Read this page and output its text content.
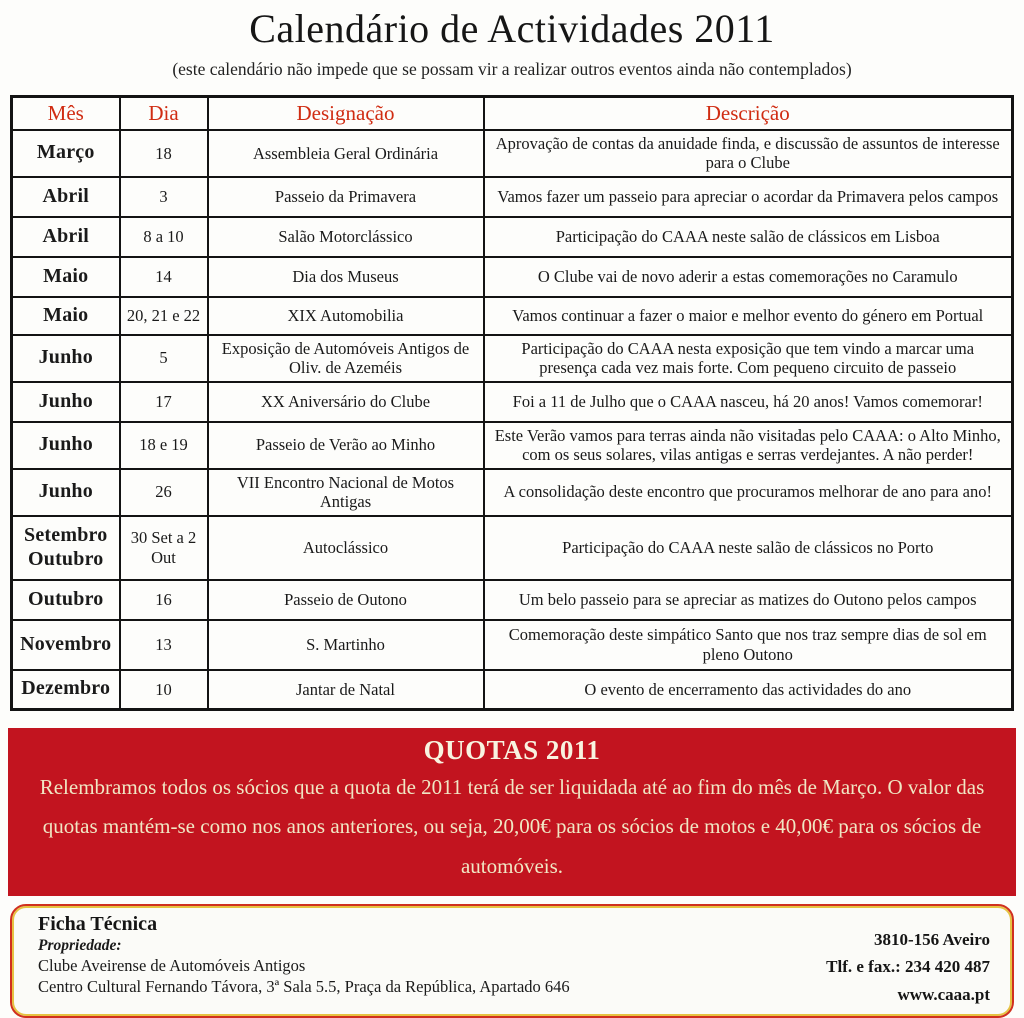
Calendário de Actividades 2011
(este calendário não impede que se possam vir a realizar outros eventos ainda não contemplados)
Mês	Dia	Designação	Descrição
Março	18	Assembleia Geral Ordinária	Aprovação de contas da anuidade finda, e discussão de assuntos de interesse para o Clube
Abril	3	Passeio da Primavera	Vamos fazer um passeio para apreciar o acordar da Primavera pelos campos
Abril	8 a 10	Salão Motorclássico	Participação do CAAA neste salão de clássicos em Lisboa
Maio	14	Dia dos Museus	O Clube vai de novo aderir a estas comemorações no Caramulo
Maio	20, 21 e 22	XIX Automobilia	Vamos continuar a fazer o maior e melhor evento do género em Portual
Junho	5	Exposição de Automóveis Antigos de Oliv. de Azeméis	Participação do CAAA nesta exposição que tem vindo a marcar uma presença cada vez mais forte. Com pequeno circuito de passeio
Junho	17	XX Aniversário do Clube	Foi a 11 de Julho que o CAAA nasceu, há 20 anos! Vamos comemorar!
Junho	18 e 19	Passeio de Verão ao Minho	Este Verão vamos para terras ainda não visitadas pelo CAAA: o Alto Minho, com os seus solares, vilas antigas e serras verdejantes. A não perder!
Junho	26	VII Encontro Nacional de Motos Antigas	A consolidação deste encontro que procuramos melhorar de ano para ano!
Setembro Outubro	30 Set a 2 Out	Autoclássico	Participação do CAAA neste salão de clássicos no Porto
Outubro	16	Passeio de Outono	Um belo passeio para se apreciar as matizes do Outono pelos campos
Novembro	13	S. Martinho	Comemoração deste simpático Santo que nos traz sempre dias de sol em pleno Outono
Dezembro	10	Jantar de Natal	O evento de encerramento das actividades do ano
QUOTAS 2011

Relembramos todos os sócios que a quota de 2011 terá de ser liquidada até ao fim do mês de Março. O valor das quotas mantém-se como nos anos anteriores, ou seja, 20,00€ para os sócios de motos e 40,00€ para os sócios de automóveis.

Ficha Técnica
Propriedade:
Clube Aveirense de Automóveis Antigos
Centro Cultural Fernando Távora, 3ª Sala 5.5, Praça da República, Apartado 646
3810-156 Aveiro
Tlf. e fax.: 234 420 487
www.caaa.pt
